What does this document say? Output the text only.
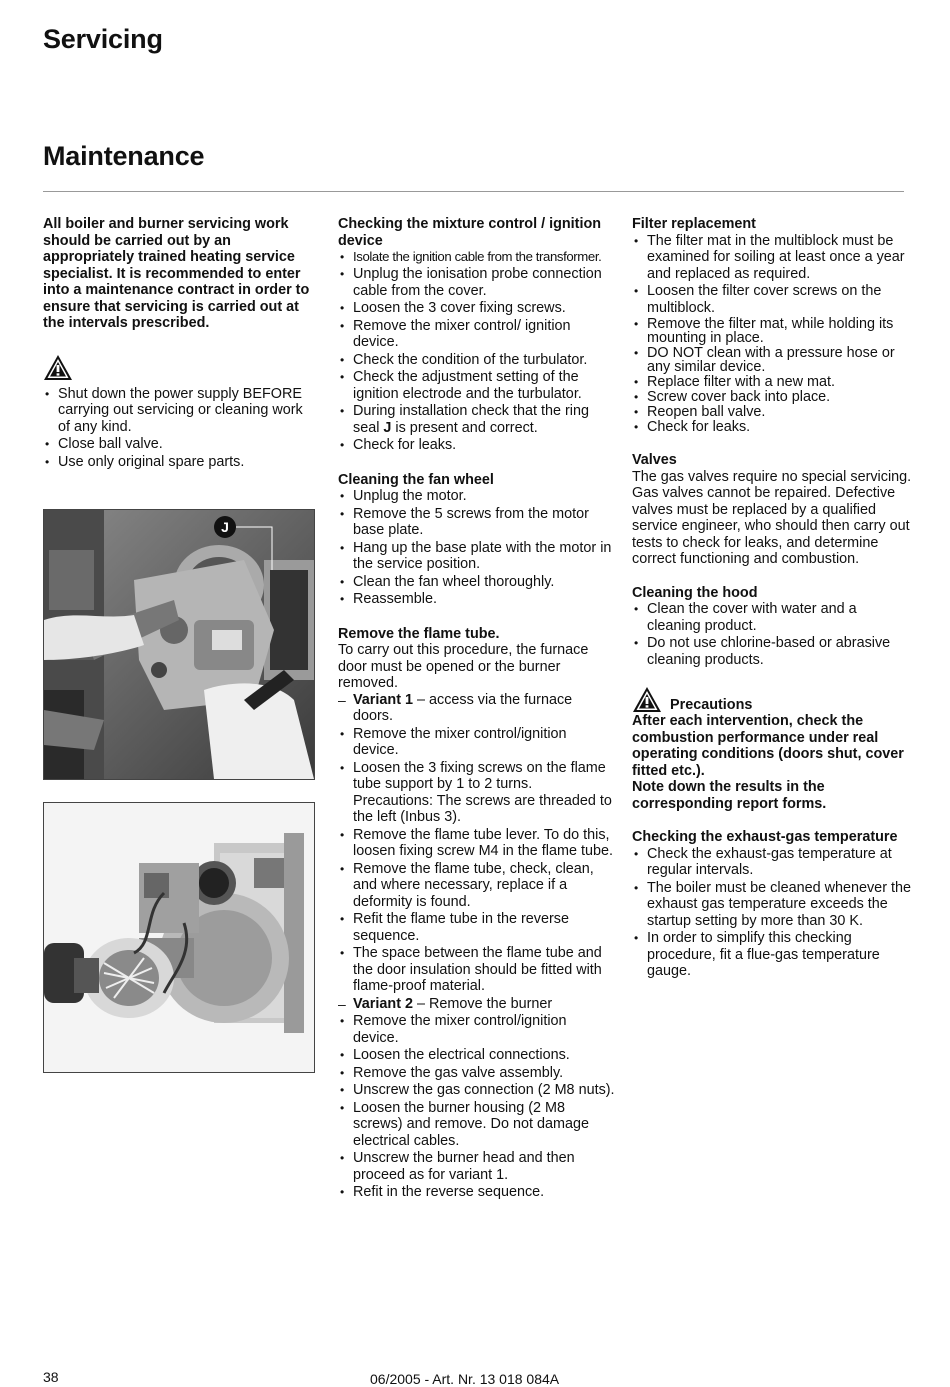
Servicing
Maintenance

All boiler and burner servicing work should be carried out by an appropriately trained heating service specialist. It is recommended to enter into a maintenance contract in order to ensure that servicing is carried out at the intervals prescribed.

• Shut down the power supply BEFORE carrying out servicing or cleaning work of any kind.
• Close ball valve.
• Use only original spare parts.
J
Checking the mixture control / ignition device
• Isolate the ignition cable from the transformer.
• Unplug the ionisation probe connection cable from the cover.
• Loosen the 3 cover fixing screws.
• Remove the mixer control/ ignition device.
• Check the condition of the turbulator.
• Check the adjustment setting of the ignition electrode and the turbulator.
• During installation check that the ring seal J is present and correct.
• Check for leaks.
Cleaning the fan wheel
• Unplug the motor.
• Remove the 5 screws from the motor base plate.
• Hang up the base plate with the motor in the service position.
• Clean the fan wheel thoroughly.
• Reassemble.
Remove the flame tube.

To carry out this procedure, the furnace door must be opened or the burner removed.

– Variant 1 – access via the furnace doors.
• Remove the mixer control/ignition device.
• Loosen the 3 fixing screws on the flame tube support by 1 to 2 turns. Precautions: The screws are threaded to the left (Inbus 3).
• Remove the flame tube lever. To do this, loosen fixing screw M4 in the flame tube.
• Remove the flame tube, check, clean, and where necessary, replace if a deformity is found.
• Refit the flame tube in the reverse sequence.
• The space between the flame tube and the door insulation should be fitted with flame-proof material.
– Variant 2 – Remove the burner
• Remove the mixer control/ignition device.
• Loosen the electrical connections.
• Remove the gas valve assembly.
• Unscrew the gas connection (2 M8 nuts).
• Loosen the burner housing (2 M8 screws) and remove. Do not damage electrical cables.
• Unscrew the burner head and then proceed as for variant 1.
• Refit in the reverse sequence.
Filter replacement
• The filter mat in the multiblock must be examined for soiling at least once a year and replaced as required.
• Loosen the filter cover screws on the multiblock.
• Remove the filter mat, while holding its mounting in place.
• DO NOT clean with a pressure hose or any similar device.
• Replace filter with a new mat.
• Screw cover back into place.
• Reopen ball valve.
• Check for leaks.
Valves

The gas valves require no special servicing.

Gas valves cannot be repaired. Defective valves must be replaced by a qualified service engineer, who should then carry out tests to check for leaks, and determine correct functioning and combustion.

Cleaning the hood
• Clean the cover with water and a cleaning product.
• Do not use chlorine-based or abrasive cleaning products.
Precautions

After each intervention, check the combustion performance under real operating conditions (doors shut, cover fitted etc.).

Note down the results in the corresponding report forms.

Checking the exhaust-gas temperature
• Check the exhaust-gas temperature at regular intervals.
• The boiler must be cleaned whenever the exhaust gas temperature exceeds the startup setting by more than 30 K.
• In order to simplify this checking procedure, fit a flue-gas temperature gauge.
38	06/2005 - Art. Nr. 13 018 084A
